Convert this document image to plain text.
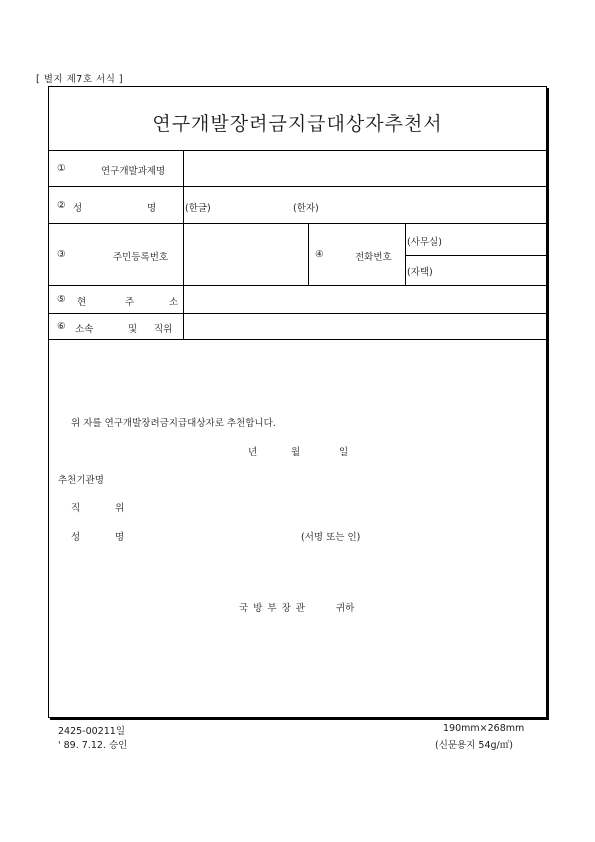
[ 별지 제7호 서식 ]
연구개발장려금지급대상자추천서
①	연구개발과제명
② 성	명	(한글)	(한자)
③	주민등록번호	④	전화번호
(사무실)
(자택)
⑤ 현	주	소
⑥ 소속	및 직위
위 자를 연구개발장려금지급대상자로 추천합니다.
년	월	일
추천기관명
직	위
성	명	(서명 또는 인)
국 방 부 장 관	귀하
2425-00211일
' 89. 7.12. 승인
190mm×268mm
(신문용지 54g/㎡)
